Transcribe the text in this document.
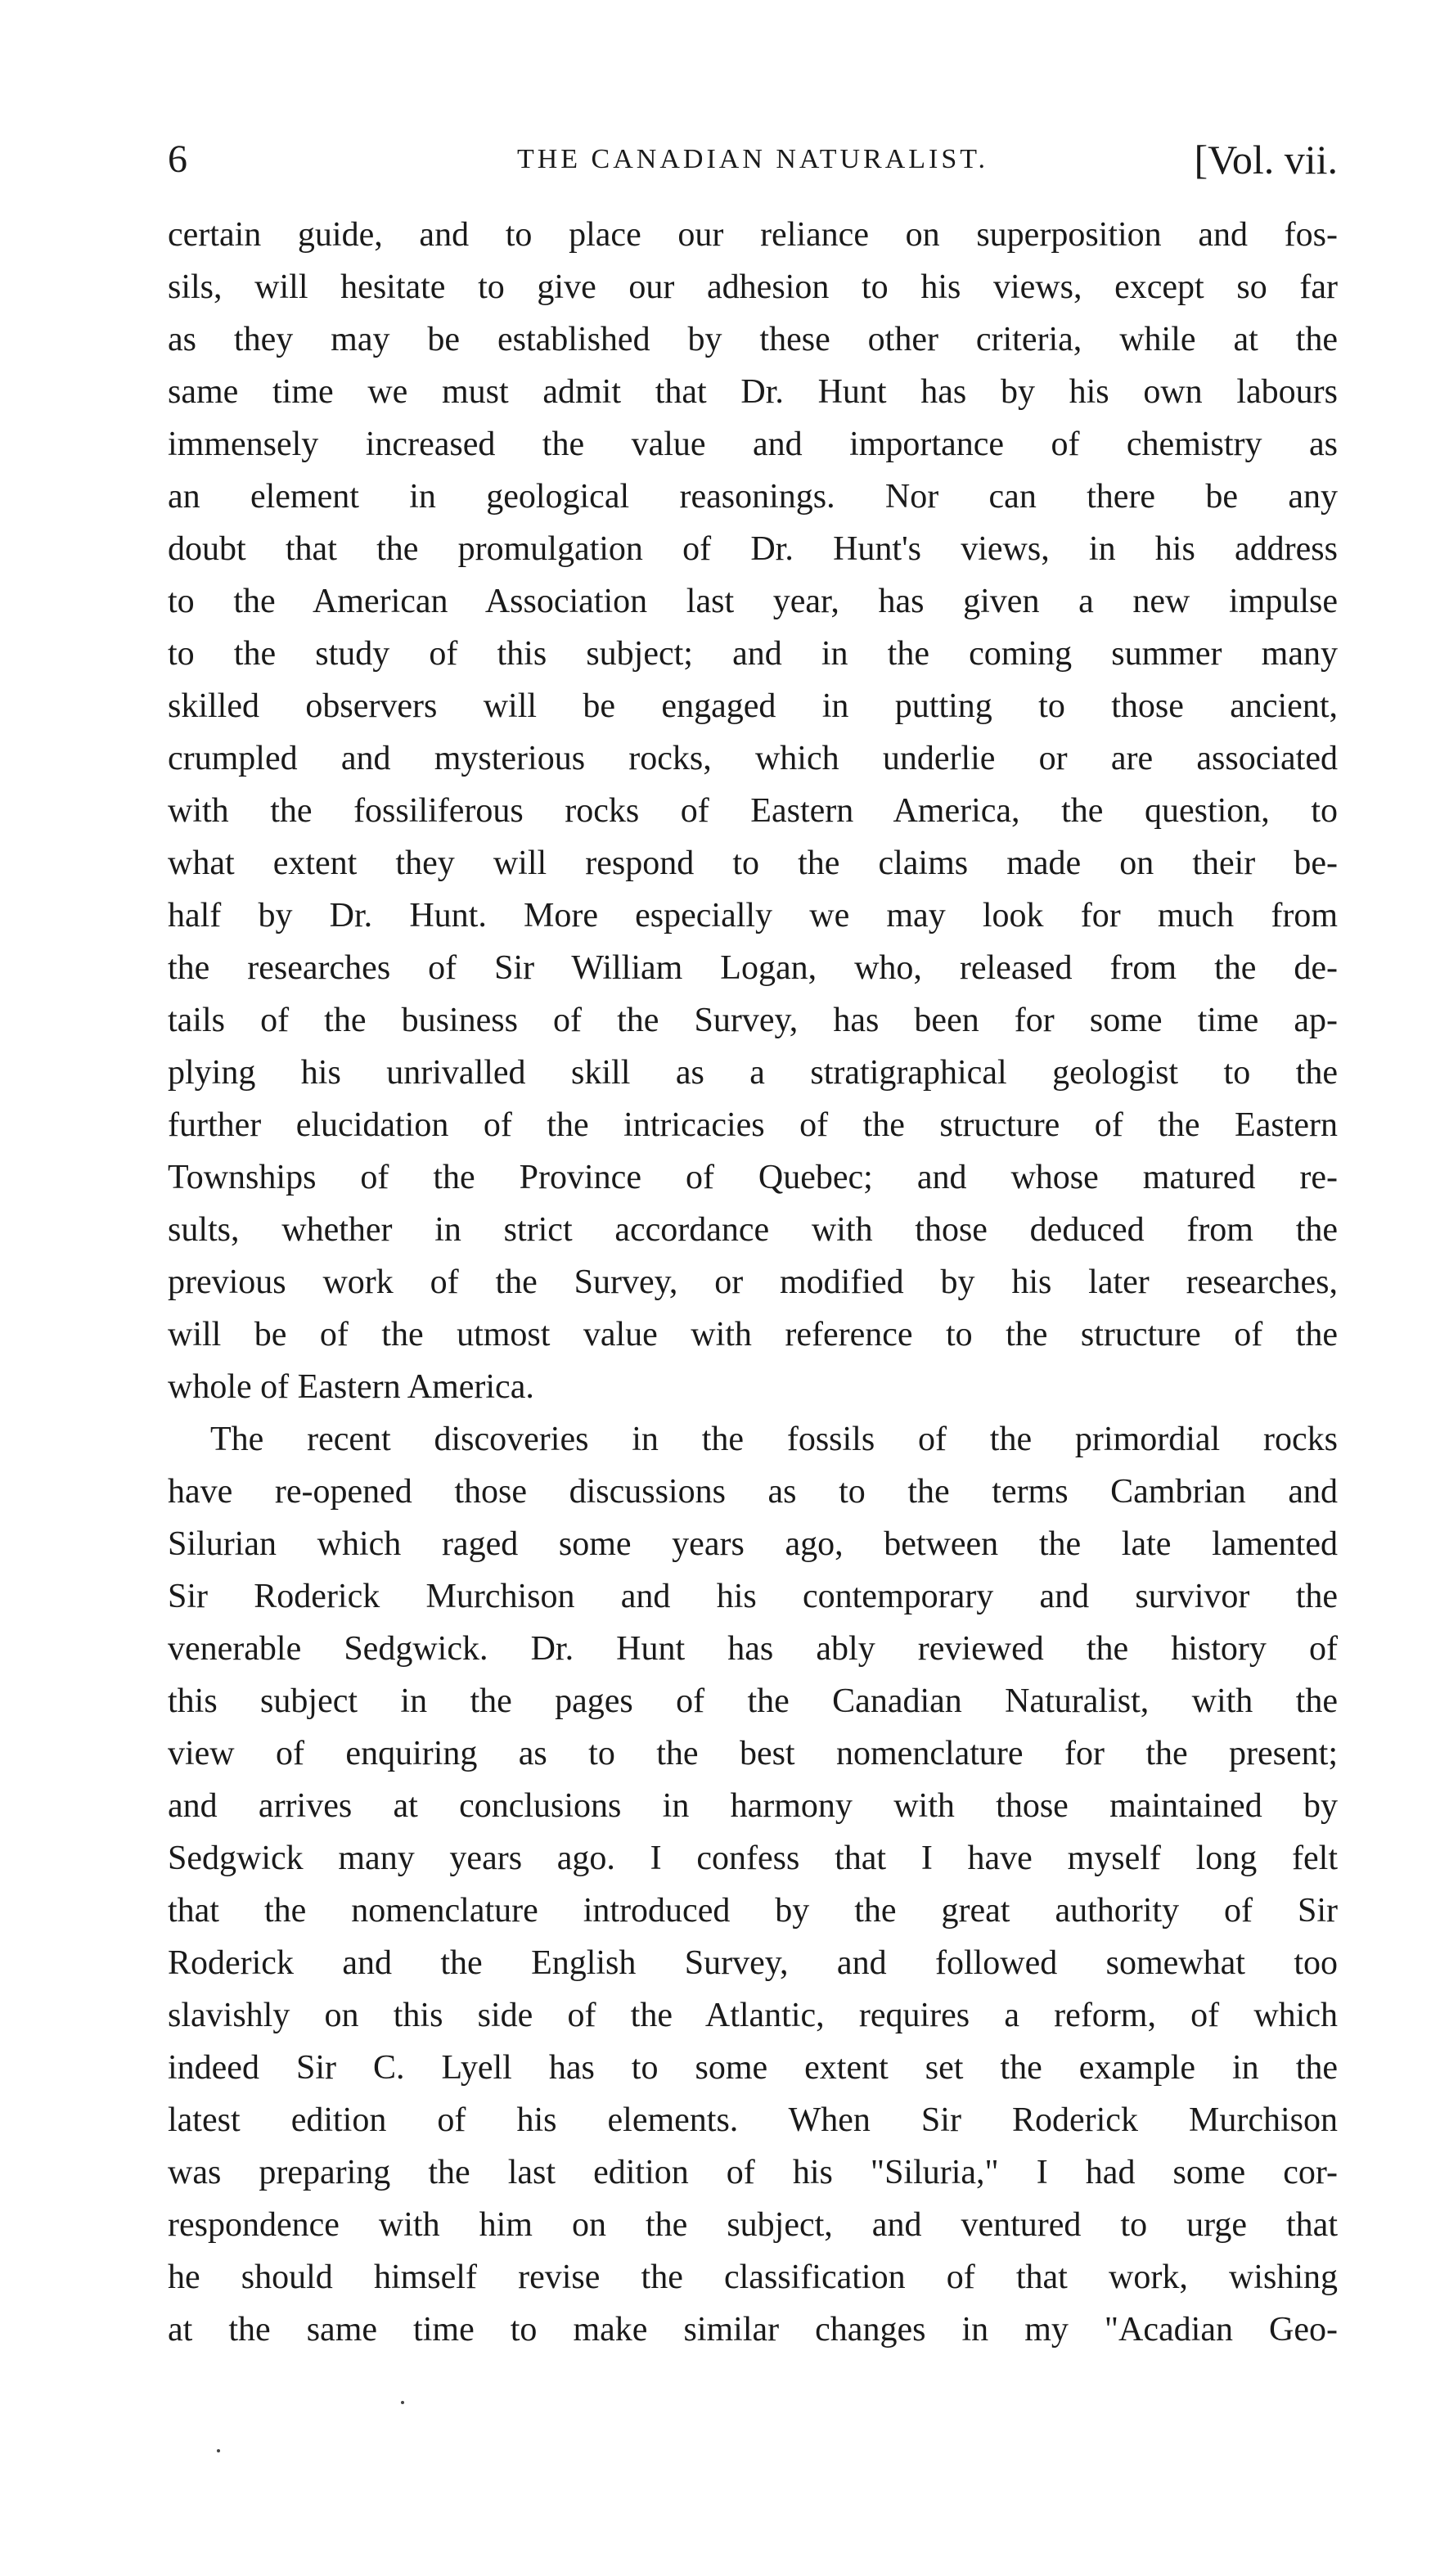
6	THE CANADIAN NATURALIST.	[Vol. vii.
certain guide, and to place our reliance on superposition and fos-
sils, will hesitate to give our adhesion to his views, except so far
as they may be established by these other criteria, while at the
same time we must admit that Dr. Hunt has by his own labours
immensely increased the value and importance of chemistry as
an element in geological reasonings. Nor can there be any
doubt that the promulgation of Dr. Hunt's views, in his address
to the American Association last year, has given a new impulse
to the study of this subject; and in the coming summer many
skilled observers will be engaged in putting to those ancient,
crumpled and mysterious rocks, which underlie or are associated
with the fossiliferous rocks of Eastern America, the question, to
what extent they will respond to the claims made on their be-
half by Dr. Hunt. More especially we may look for much from
the researches of Sir William Logan, who, released from the de-
tails of the business of the Survey, has been for some time ap-
plying his unrivalled skill as a stratigraphical geologist to the
further elucidation of the intricacies of the structure of the Eastern
Townships of the Province of Quebec; and whose matured re-
sults, whether in strict accordance with those deduced from the
previous work of the Survey, or modified by his later researches,
will be of the utmost value with reference to the structure of the
whole of Eastern America.
The recent discoveries in the fossils of the primordial rocks
have re-opened those discussions as to the terms Cambrian and
Silurian which raged some years ago, between the late lamented
Sir Roderick Murchison and his contemporary and survivor the
venerable Sedgwick. Dr. Hunt has ably reviewed the history of
this subject in the pages of the Canadian Naturalist, with the
view of enquiring as to the best nomenclature for the present;
and arrives at conclusions in harmony with those maintained by
Sedgwick many years ago. I confess that I have myself long felt
that the nomenclature introduced by the great authority of Sir
Roderick and the English Survey, and followed somewhat too
slavishly on this side of the Atlantic, requires a reform, of which
indeed Sir C. Lyell has to some extent set the example in the
latest edition of his elements. When Sir Roderick Murchison
was preparing the last edition of his "Siluria," I had some cor-
respondence with him on the subject, and ventured to urge that
he should himself revise the classification of that work, wishing
at the same time to make similar changes in my "Acadian Geo-
